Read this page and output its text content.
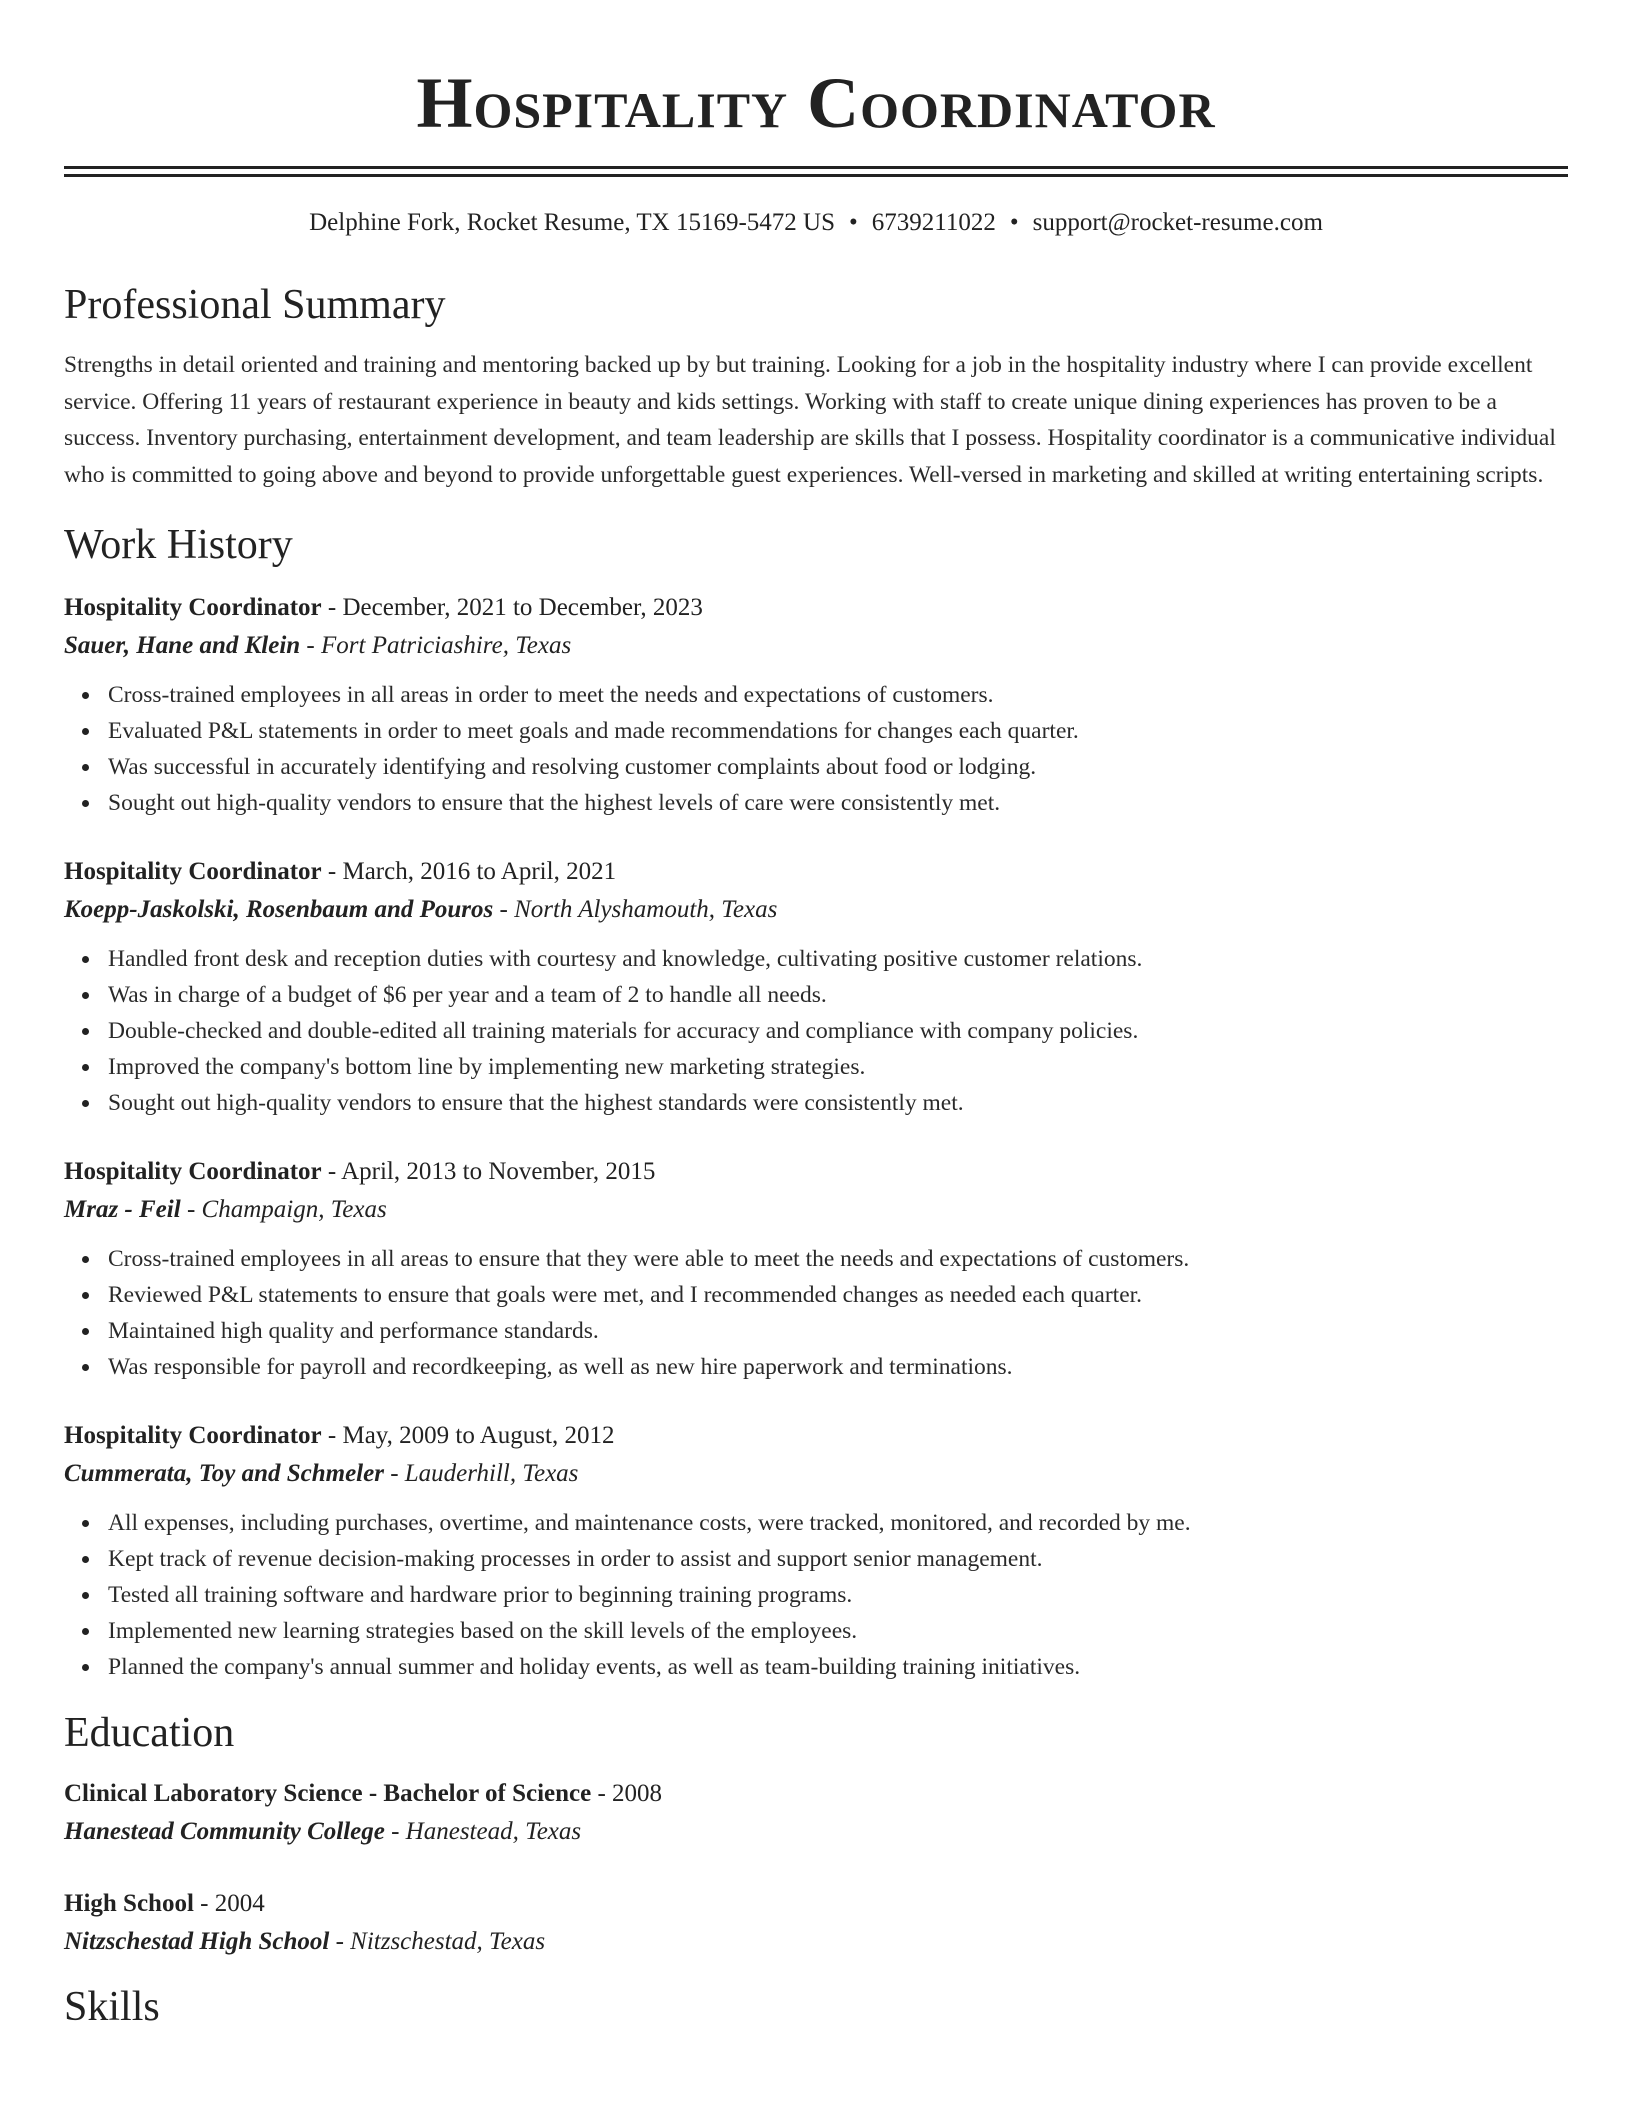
Hospitality Coordinator
Delphine Fork, Rocket Resume, TX 15169-5472 US • 6739211022 • support@rocket-resume.com
Professional Summary
Strengths in detail oriented and training and mentoring backed up by but training. Looking for a job in the hospitality industry where I can provide excellent service. Offering 11 years of restaurant experience in beauty and kids settings. Working with staff to create unique dining experiences has proven to be a success. Inventory purchasing, entertainment development, and team leadership are skills that I possess. Hospitality coordinator is a communicative individual who is committed to going above and beyond to provide unforgettable guest experiences. Well-versed in marketing and skilled at writing entertaining scripts.
Work History
Hospitality Coordinator - December, 2021 to December, 2023
Sauer, Hane and Klein - Fort Patriciashire, Texas
Cross-trained employees in all areas in order to meet the needs and expectations of customers.
Evaluated P&L statements in order to meet goals and made recommendations for changes each quarter.
Was successful in accurately identifying and resolving customer complaints about food or lodging.
Sought out high-quality vendors to ensure that the highest levels of care were consistently met.
Hospitality Coordinator - March, 2016 to April, 2021
Koepp-Jaskolski, Rosenbaum and Pouros - North Alyshamouth, Texas
Handled front desk and reception duties with courtesy and knowledge, cultivating positive customer relations.
Was in charge of a budget of $6 per year and a team of 2 to handle all needs.
Double-checked and double-edited all training materials for accuracy and compliance with company policies.
Improved the company's bottom line by implementing new marketing strategies.
Sought out high-quality vendors to ensure that the highest standards were consistently met.
Hospitality Coordinator - April, 2013 to November, 2015
Mraz - Feil - Champaign, Texas
Cross-trained employees in all areas to ensure that they were able to meet the needs and expectations of customers.
Reviewed P&L statements to ensure that goals were met, and I recommended changes as needed each quarter.
Maintained high quality and performance standards.
Was responsible for payroll and recordkeeping, as well as new hire paperwork and terminations.
Hospitality Coordinator - May, 2009 to August, 2012
Cummerata, Toy and Schmeler - Lauderhill, Texas
All expenses, including purchases, overtime, and maintenance costs, were tracked, monitored, and recorded by me.
Kept track of revenue decision-making processes in order to assist and support senior management.
Tested all training software and hardware prior to beginning training programs.
Implemented new learning strategies based on the skill levels of the employees.
Planned the company's annual summer and holiday events, as well as team-building training initiatives.
Education
Clinical Laboratory Science - Bachelor of Science - 2008
Hanestead Community College - Hanestead, Texas
High School - 2004
Nitzschestad High School - Nitzschestad, Texas
Skills
